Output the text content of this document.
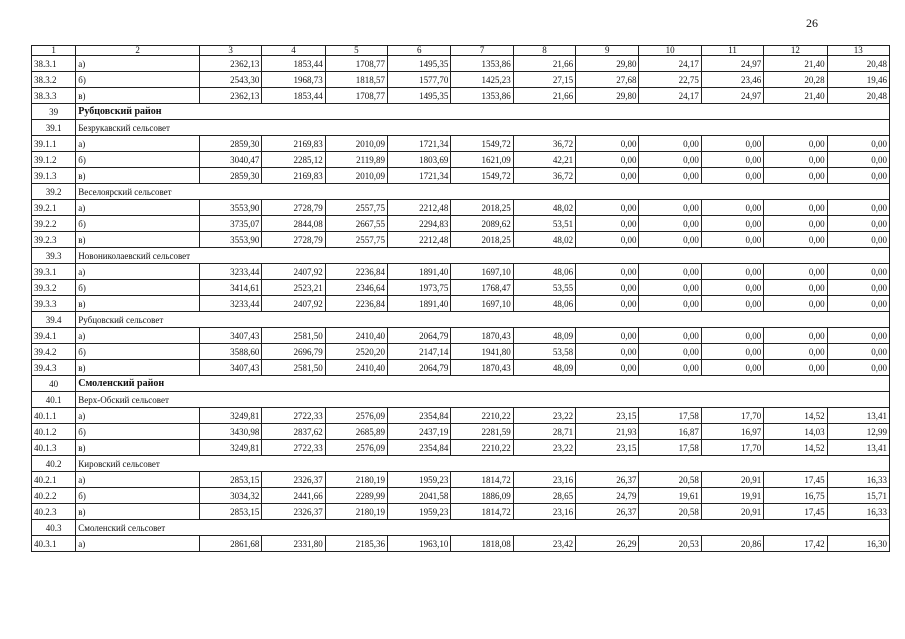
26
1	2	3	4	5	6	7	8	9	10	11	12	13
38.3.1	а)	2362,13	1853,44	1708,77	1495,35	1353,86	21,66	29,80	24,17	24,97	21,40	20,48
38.3.2	б)	2543,30	1968,73	1818,57	1577,70	1425,23	27,15	27,68	22,75	23,46	20,28	19,46
38.3.3	в)	2362,13	1853,44	1708,77	1495,35	1353,86	21,66	29,80	24,17	24,97	21,40	20,48
39	Рубцовский район											
39.1	Безрукавский сельсовет											
39.1.1	а)	2859,30	2169,83	2010,09	1721,34	1549,72	36,72	0,00	0,00	0,00	0,00	0,00
39.1.2	б)	3040,47	2285,12	2119,89	1803,69	1621,09	42,21	0,00	0,00	0,00	0,00	0,00
39.1.3	в)	2859,30	2169,83	2010,09	1721,34	1549,72	36,72	0,00	0,00	0,00	0,00	0,00
39.2	Веселоярский сельсовет											
39.2.1	а)	3553,90	2728,79	2557,75	2212,48	2018,25	48,02	0,00	0,00	0,00	0,00	0,00
39.2.2	б)	3735,07	2844,08	2667,55	2294,83	2089,62	53,51	0,00	0,00	0,00	0,00	0,00
39.2.3	в)	3553,90	2728,79	2557,75	2212,48	2018,25	48,02	0,00	0,00	0,00	0,00	0,00
39.3	Новониколаевский сельсовет											
39.3.1	а)	3233,44	2407,92	2236,84	1891,40	1697,10	48,06	0,00	0,00	0,00	0,00	0,00
39.3.2	б)	3414,61	2523,21	2346,64	1973,75	1768,47	53,55	0,00	0,00	0,00	0,00	0,00
39.3.3	в)	3233,44	2407,92	2236,84	1891,40	1697,10	48,06	0,00	0,00	0,00	0,00	0,00
39.4	Рубцовский сельсовет											
39.4.1	а)	3407,43	2581,50	2410,40	2064,79	1870,43	48,09	0,00	0,00	0,00	0,00	0,00
39.4.2	б)	3588,60	2696,79	2520,20	2147,14	1941,80	53,58	0,00	0,00	0,00	0,00	0,00
39.4.3	в)	3407,43	2581,50	2410,40	2064,79	1870,43	48,09	0,00	0,00	0,00	0,00	0,00
40	Смоленский район											
40.1	Верх-Обский сельсовет											
40.1.1	а)	3249,81	2722,33	2576,09	2354,84	2210,22	23,22	23,15	17,58	17,70	14,52	13,41
40.1.2	б)	3430,98	2837,62	2685,89	2437,19	2281,59	28,71	21,93	16,87	16,97	14,03	12,99
40.1.3	в)	3249,81	2722,33	2576,09	2354,84	2210,22	23,22	23,15	17,58	17,70	14,52	13,41
40.2	Кировский сельсовет											
40.2.1	а)	2853,15	2326,37	2180,19	1959,23	1814,72	23,16	26,37	20,58	20,91	17,45	16,33
40.2.2	б)	3034,32	2441,66	2289,99	2041,58	1886,09	28,65	24,79	19,61	19,91	16,75	15,71
40.2.3	в)	2853,15	2326,37	2180,19	1959,23	1814,72	23,16	26,37	20,58	20,91	17,45	16,33
40.3	Смоленский сельсовет											
40.3.1	а)	2861,68	2331,80	2185,36	1963,10	1818,08	23,42	26,29	20,53	20,86	17,42	16,30
